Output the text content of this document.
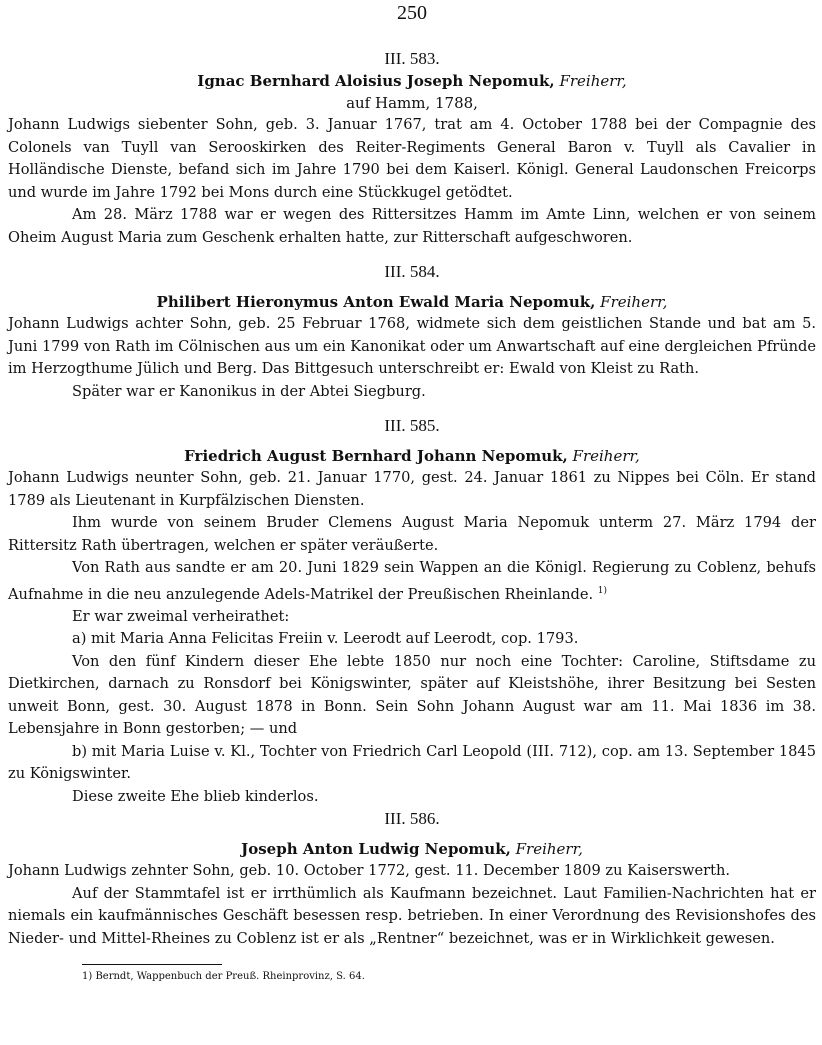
250
III. 583.
Ignac Bernhard Aloisius Joseph Nepomuk, Freiherr,
auf Hamm, 1788,

Johann Ludwigs siebenter Sohn, geb. 3. Januar 1767, trat am 4. October 1788 bei der Compagnie des Colonels van Tuyll van Serooskirken des Reiter-Regiments General Baron v. Tuyll als Cavalier in Holländische Dienste, befand sich im Jahre 1790 bei dem Kaiserl. Königl. General Laudonschen Freicorps und wurde im Jahre 1792 bei Mons durch eine Stückkugel getödtet.

Am 28. März 1788 war er wegen des Rittersitzes Hamm im Amte Linn, welchen er von seinem Oheim August Maria zum Geschenk erhalten hatte, zur Ritterschaft aufgeschworen.

III. 584.
Philibert Hieronymus Anton Ewald Maria Nepomuk, Freiherr,

Johann Ludwigs achter Sohn, geb. 25 Februar 1768, widmete sich dem geistlichen Stande und bat am 5. Juni 1799 von Rath im Cölnischen aus um ein Kanonikat oder um Anwartschaft auf eine dergleichen Pfründe im Herzogthume Jülich und Berg. Das Bittgesuch unterschreibt er: Ewald von Kleist zu Rath.

Später war er Kanonikus in der Abtei Siegburg.

III. 585.
Friedrich August Bernhard Johann Nepomuk, Freiherr,

Johann Ludwigs neunter Sohn, geb. 21. Januar 1770, gest. 24. Januar 1861 zu Nippes bei Cöln. Er stand 1789 als Lieutenant in Kurpfälzischen Diensten.

Ihm wurde von seinem Bruder Clemens August Maria Nepomuk unterm 27. März 1794 der Rittersitz Rath übertragen, welchen er später veräußerte.

Von Rath aus sandte er am 20. Juni 1829 sein Wappen an die Königl. Regierung zu Coblenz, behufs Aufnahme in die neu anzulegende Adels-Matrikel der Preußischen Rheinlande. $^{1)}$

Er war zweimal verheirathet:

a) mit Maria Anna Felicitas Freiin v. Leerodt auf Leerodt, cop. 1793.

Von den fünf Kindern dieser Ehe lebte 1850 nur noch eine Tochter: Caroline, Stiftsdame zu Dietkirchen, darnach zu Ronsdorf bei Königswinter, später auf Kleistshöhe, ihrer Besitzung bei Sesten unweit Bonn, gest. 30. August 1878 in Bonn. Sein Sohn Johann August war am 11. Mai 1836 im 38. Lebensjahre in Bonn gestorben; — und

b) mit Maria Luise v. Kl., Tochter von Friedrich Carl Leopold (III. 712), cop. am 13. September 1845 zu Königswinter.

Diese zweite Ehe blieb kinderlos.

III. 586.
Joseph Anton Ludwig Nepomuk, Freiherr,

Johann Ludwigs zehnter Sohn, geb. 10. October 1772, gest. 11. December 1809 zu Kaiserswerth.

Auf der Stammtafel ist er irrthümlich als Kaufmann bezeichnet. Laut Familien-Nachrichten hat er niemals ein kaufmännisches Geschäft besessen resp. betrieben. In einer Verordnung des Revisionshofes des Nieder- und Mittel-Rheines zu Coblenz ist er als „Rentner“ bezeichnet, was er in Wirklichkeit gewesen.

1) Berndt, Wappenbuch der Preuß. Rheinprovinz, S. 64.
